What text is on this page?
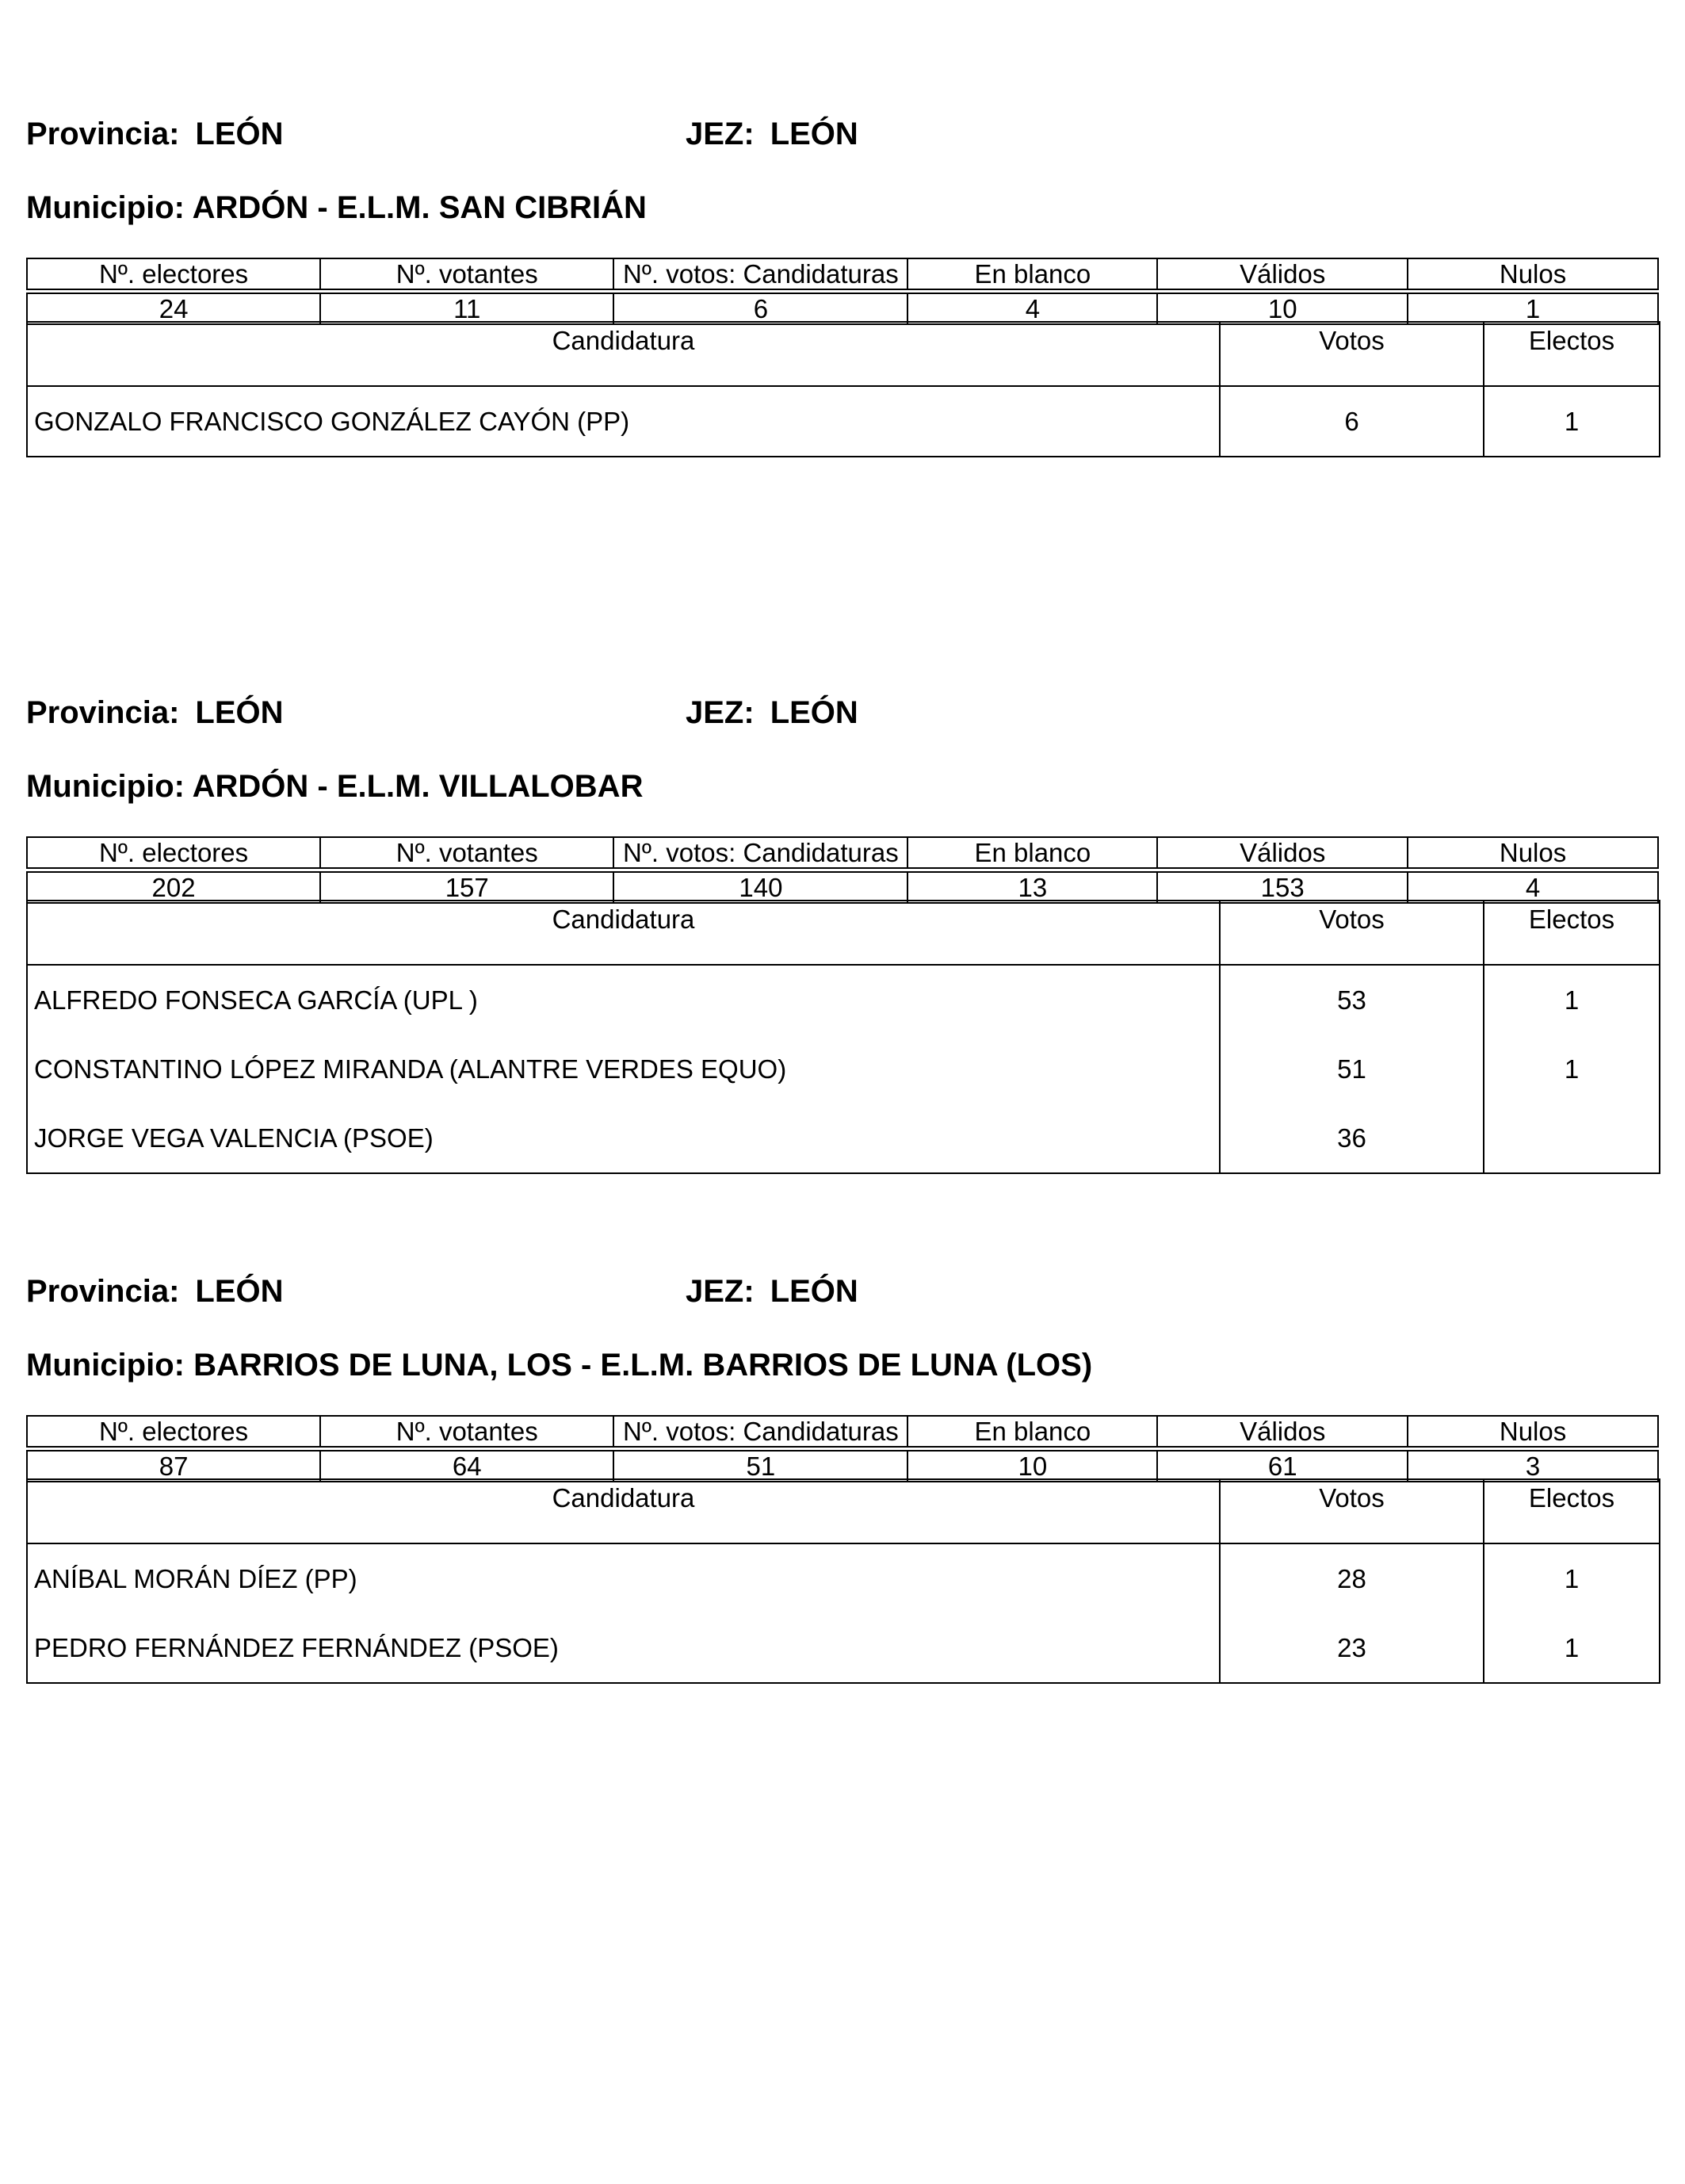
Provincia: LEÓN	JEZ: LEÓN
Municipio: ARDÓN - E.L.M. SAN CIBRIÁN
Nº. electores	Nº. votantes	Nº. votos: Candidaturas	En blanco	Válidos	Nulos

24	11	6	4	10	1
Candidatura	Votos	Electos
GONZALO FRANCISCO GONZÁLEZ CAYÓN (PP)	6	1
Provincia: LEÓN	JEZ: LEÓN
Municipio: ARDÓN - E.L.M. VILLALOBAR
Nº. electores	Nº. votantes	Nº. votos: Candidaturas	En blanco	Válidos	Nulos

202	157	140	13	153	4
Candidatura	Votos	Electos
ALFREDO FONSECA GARCÍA (UPL )	53	1
CONSTANTINO LÓPEZ MIRANDA (ALANTRE VERDES EQUO)	51	1
JORGE VEGA VALENCIA (PSOE)	36	
Provincia: LEÓN	JEZ: LEÓN
Municipio: BARRIOS DE LUNA, LOS - E.L.M. BARRIOS DE LUNA (LOS)
Nº. electores	Nº. votantes	Nº. votos: Candidaturas	En blanco	Válidos	Nulos

87	64	51	10	61	3
Candidatura	Votos	Electos
ANÍBAL MORÁN DÍEZ (PP)	28	1
PEDRO FERNÁNDEZ FERNÁNDEZ (PSOE)	23	1
